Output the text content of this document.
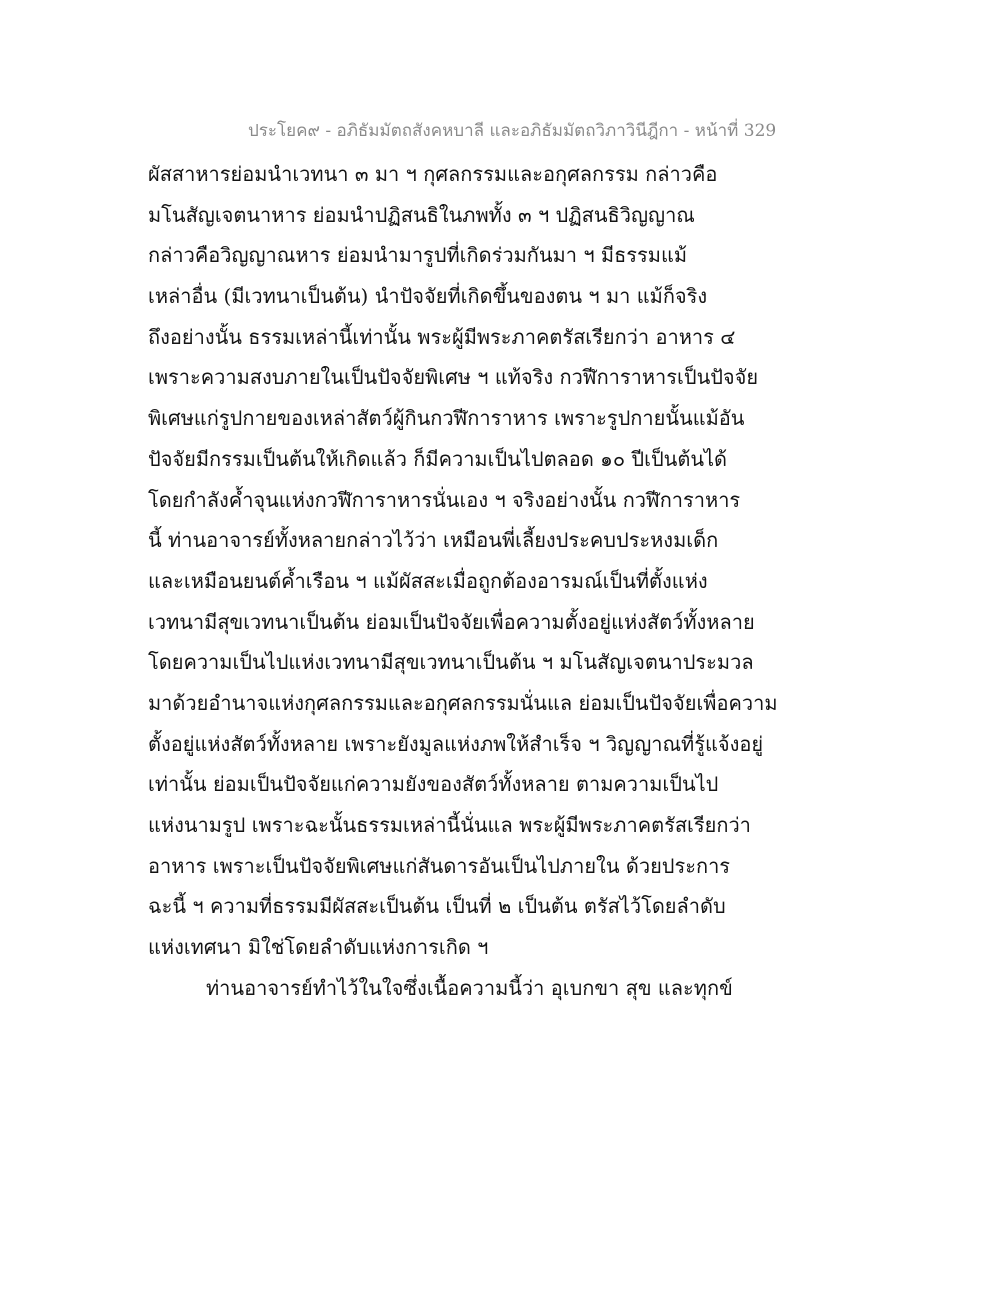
ประโยค๙ - อภิธัมมัตถสังคหบาลี และอภิธัมมัตถวิภาวินีฎีกา - หน้าที่ 329
ผัสสาหารย่อมนำเวทนา ๓ มา ฯ กุศลกรรมและอกุศลกรรม กล่าวคือ
มโนสัญเจตนาหาร ย่อมนำปฏิสนธิในภพทั้ง ๓ ฯ ปฏิสนธิวิญญาณ
กล่าวคือวิญญาณหาร ย่อมนำมารูปที่เกิดร่วมกันมา ฯ มีธรรมแม้
เหล่าอื่น (มีเวทนาเป็นต้น) นำปัจจัยที่เกิดขึ้นของตน ฯ มา แม้ก็จริง
ถึงอย่างนั้น ธรรมเหล่านี้เท่านั้น พระผู้มีพระภาคตรัสเรียกว่า อาหาร ๔
เพราะความสงบภายในเป็นปัจจัยพิเศษ ฯ แท้จริง กวฬีการาหารเป็นปัจจัย
พิเศษแก่รูปกายของเหล่าสัตว์ผู้กินกวฬีการาหาร เพราะรูปกายนั้นแม้อัน
ปัจจัยมีกรรมเป็นต้นให้เกิดแล้ว ก็มีความเป็นไปตลอด ๑๐ ปีเป็นต้นได้
โดยกำลังค้ำจุนแห่งกวฬีการาหารนั่นเอง ฯ จริงอย่างนั้น กวฬีการาหาร
นี้ ท่านอาจารย์ทั้งหลายกล่าวไว้ว่า เหมือนพี่เลี้ยงประคบประหงมเด็ก
และเหมือนยนต์ค้ำเรือน ฯ แม้ผัสสะเมื่อถูกต้องอารมณ์เป็นที่ตั้งแห่ง
เวทนามีสุขเวทนาเป็นต้น ย่อมเป็นปัจจัยเพื่อความตั้งอยู่แห่งสัตว์ทั้งหลาย
โดยความเป็นไปแห่งเวทนามีสุขเวทนาเป็นต้น ฯ มโนสัญเจตนาประมวล
มาด้วยอำนาจแห่งกุศลกรรมและอกุศลกรรมนั่นแล ย่อมเป็นปัจจัยเพื่อความ
ตั้งอยู่แห่งสัตว์ทั้งหลาย เพราะยังมูลแห่งภพให้สำเร็จ ฯ วิญญาณที่รู้แจ้งอยู่
เท่านั้น ย่อมเป็นปัจจัยแก่ความยังของสัตว์ทั้งหลาย ตามความเป็นไป
แห่งนามรูป เพราะฉะนั้นธรรมเหล่านี้นั่นแล พระผู้มีพระภาคตรัสเรียกว่า
อาหาร เพราะเป็นปัจจัยพิเศษแก่สันดารอันเป็นไปภายใน ด้วยประการ
ฉะนี้ ฯ ความที่ธรรมมีผัสสะเป็นต้น เป็นที่ ๒ เป็นต้น ตรัสไว้โดยลำดับ
แห่งเทศนา มิใช่โดยลำดับแห่งการเกิด ฯ
ท่านอาจารย์ทำไว้ในใจซึ่งเนื้อความนี้ว่า อุเบกขา สุข และทุกข์
